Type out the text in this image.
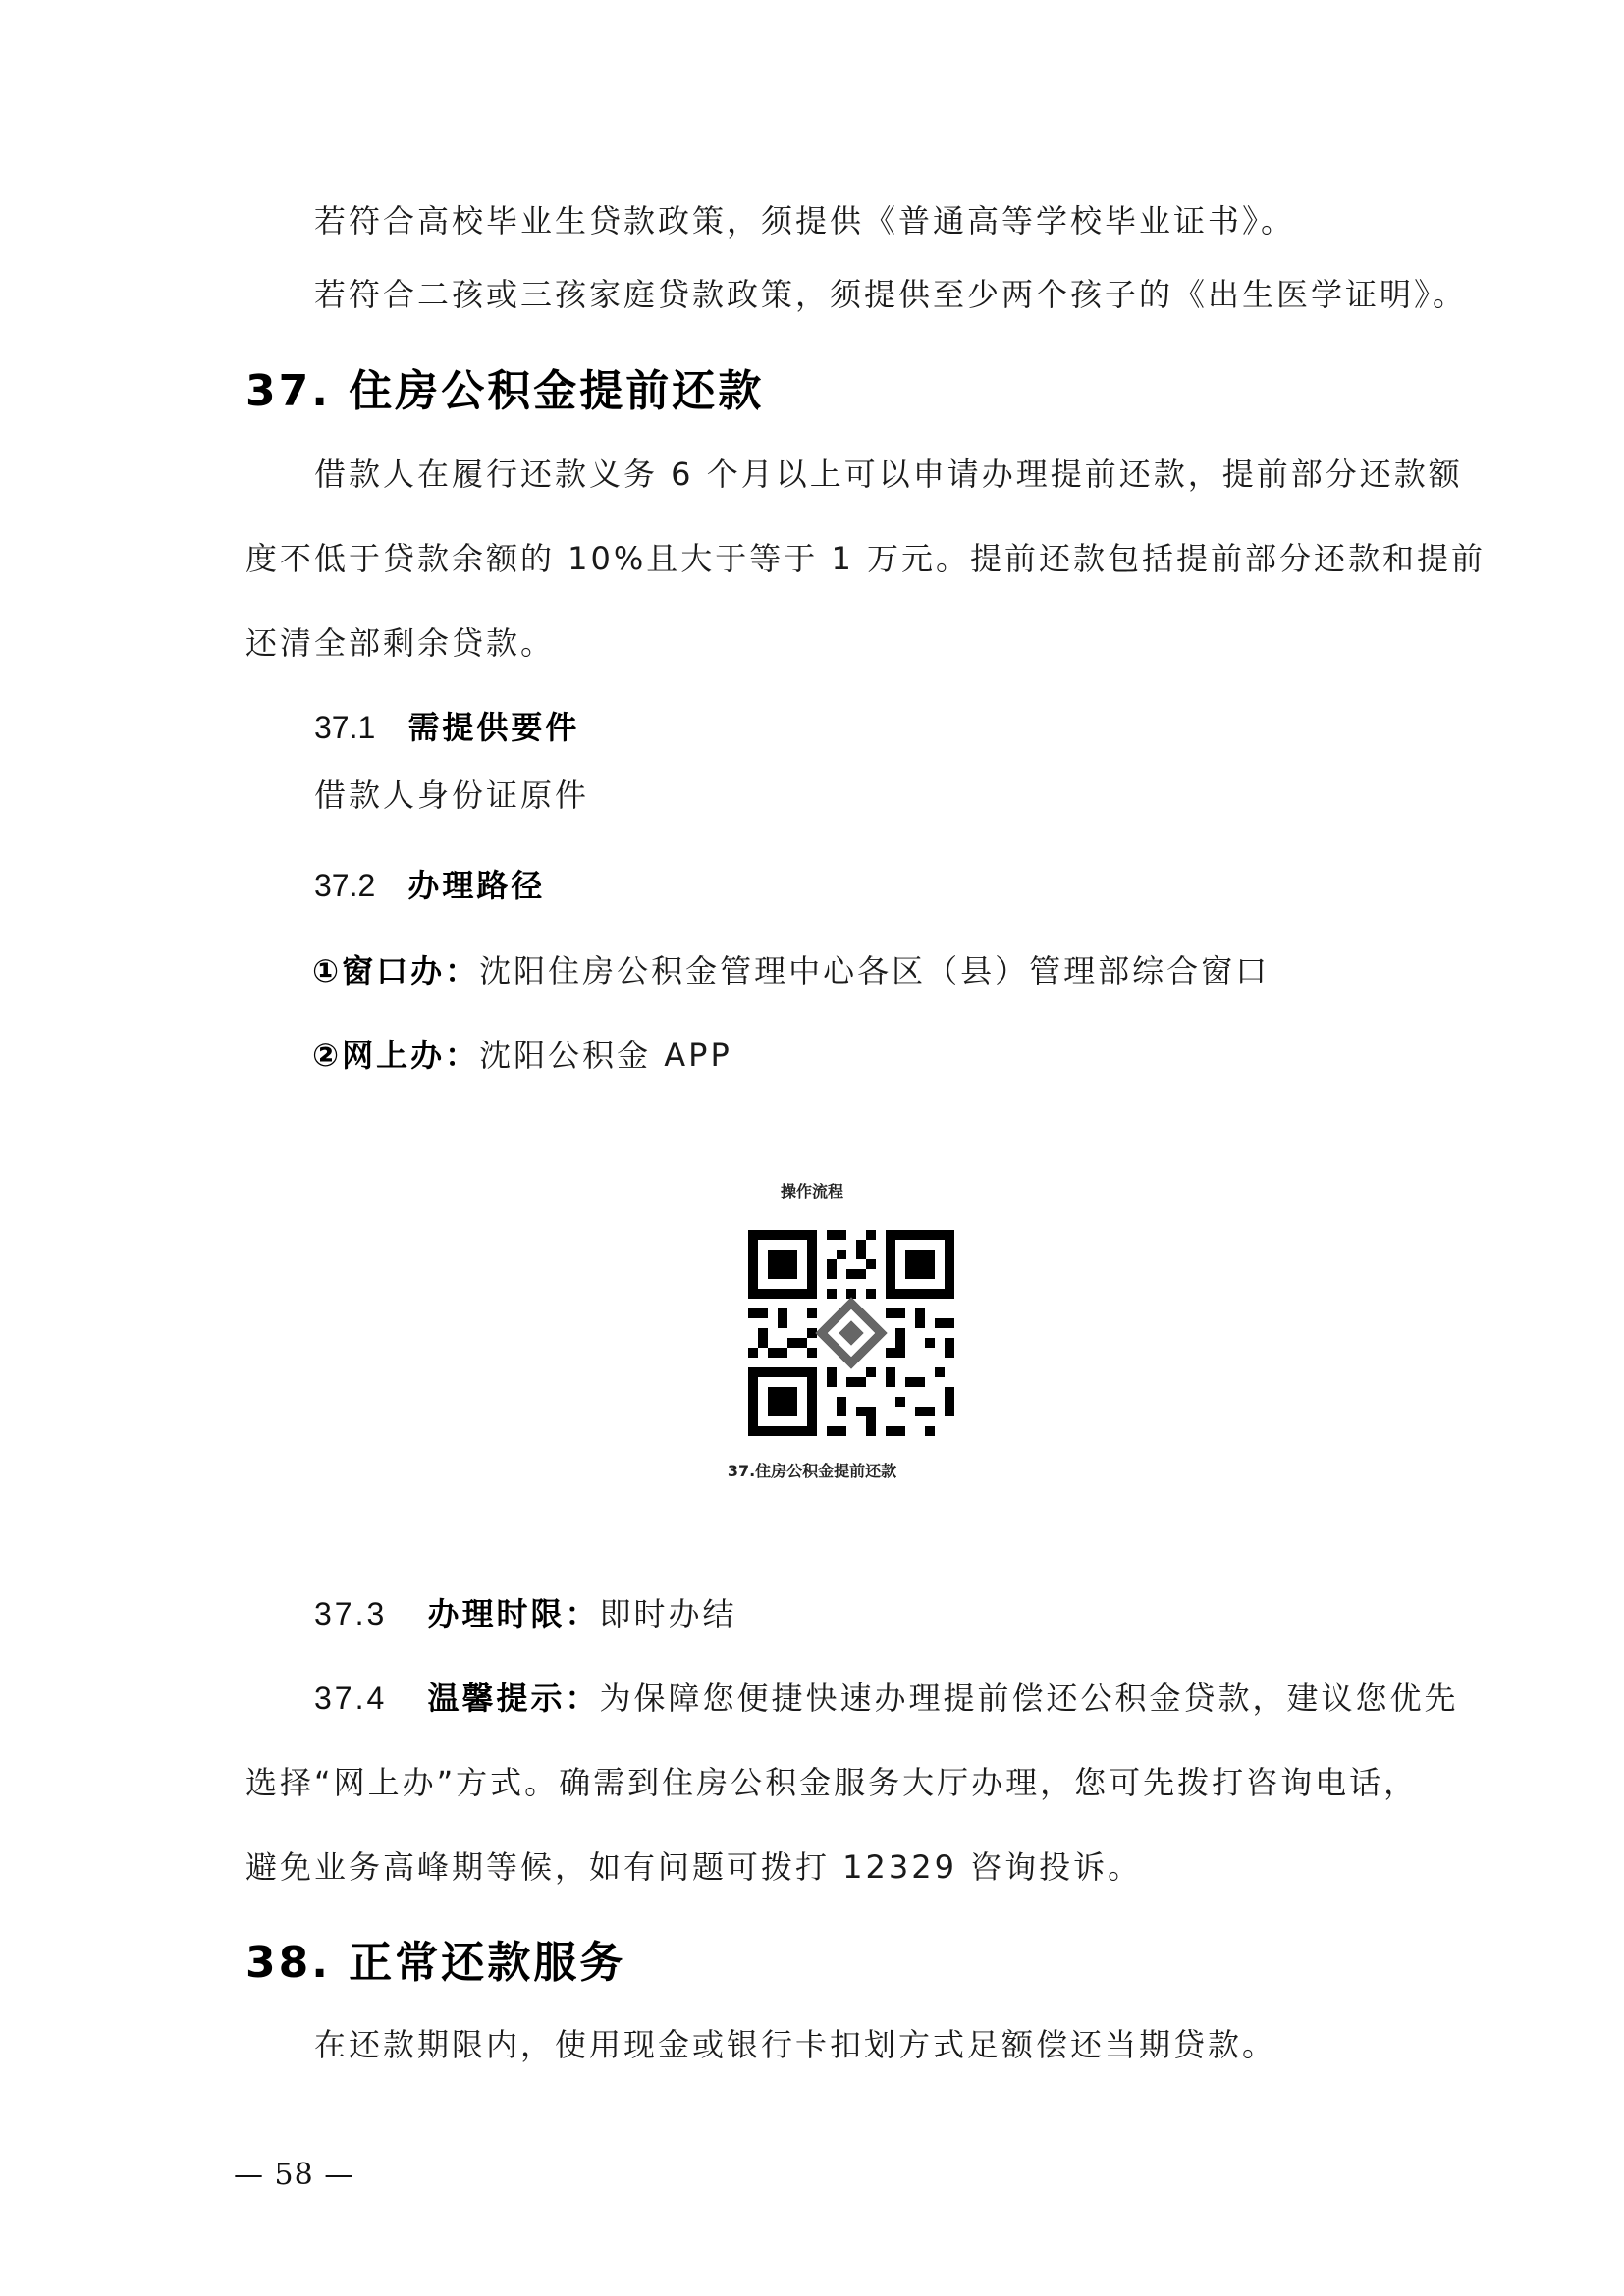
若符合高校毕业生贷款政策，须提供《普通高等学校毕业证书》。
若符合二孩或三孩家庭贷款政策，须提供至少两个孩子的《出生医学证明》。
37. 住房公积金提前还款
借款人在履行还款义务 6 个月以上可以申请办理提前还款，提前部分还款额
度不低于贷款余额的 10%且大于等于 1 万元。提前还款包括提前部分还款和提前
还清全部剩余贷款。
37.1 需提供要件
借款人身份证原件
37.2 办理路径
①窗口办：沈阳住房公积金管理中心各区（县）管理部综合窗口
②网上办：沈阳公积金 APP
操作流程
37.住房公积金提前还款
37.3 办理时限：即时办结
37.4 温馨提示：为保障您便捷快速办理提前偿还公积金贷款，建议您优先
选择“网上办”方式。确需到住房公积金服务大厅办理，您可先拨打咨询电话，
避免业务高峰期等候，如有问题可拨打 12329 咨询投诉。
38. 正常还款服务
在还款期限内，使用现金或银行卡扣划方式足额偿还当期贷款。
— 58 —
